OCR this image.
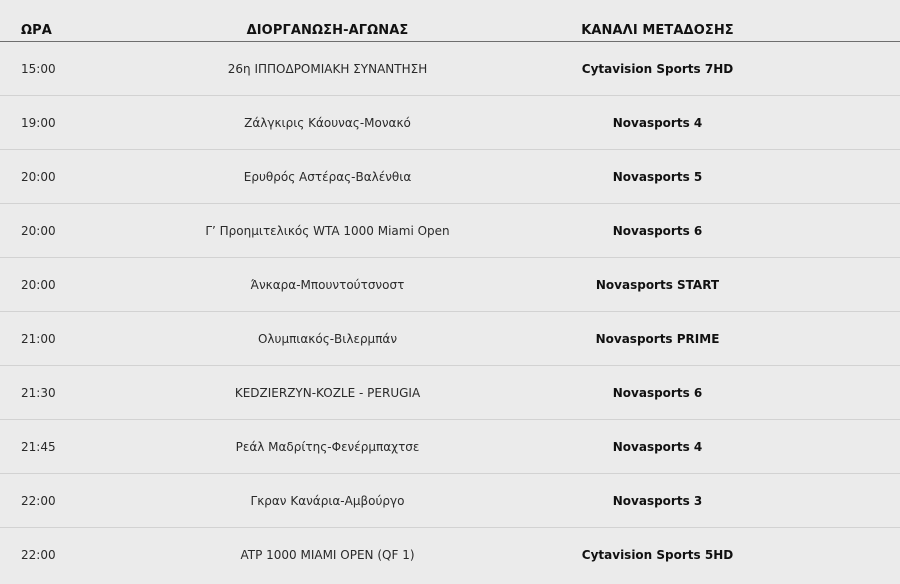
ΩΡΑ	ΔΙΟΡΓΑΝΩΣΗ-ΑΓΩΝΑΣ	ΚΑΝΑΛΙ ΜΕΤΑΔΟΣΗΣ
15:00	26η ΙΠΠΟΔΡΟΜΙΑΚΗ ΣΥΝΑΝΤΗΣΗ	Cytavision Sports 7HD
19:00	Ζάλγκιρις Κάουνας-Μονακό	Novasports 4
20:00	Ερυθρός Αστέρας-Βαλένθια	Novasports 5
20:00	Γ’ Προημιτελικός WTA 1000 Miami Open	Novasports 6
20:00	Άνκαρα-Μπουντούτσνοστ	Novasports START
21:00	Ολυμπιακός-Βιλερμπάν	Novasports PRIME
21:30	KEDZIERZYN-KOZLE - PERUGIA	Novasports 6
21:45	Ρεάλ Μαδρίτης-Φενέρμπαχτσε	Novasports 4
22:00	Γκραν Κανάρια-Αμβούργο	Novasports 3
22:00	ATP 1000 MIAMI OPEN (QF 1)	Cytavision Sports 5HD
